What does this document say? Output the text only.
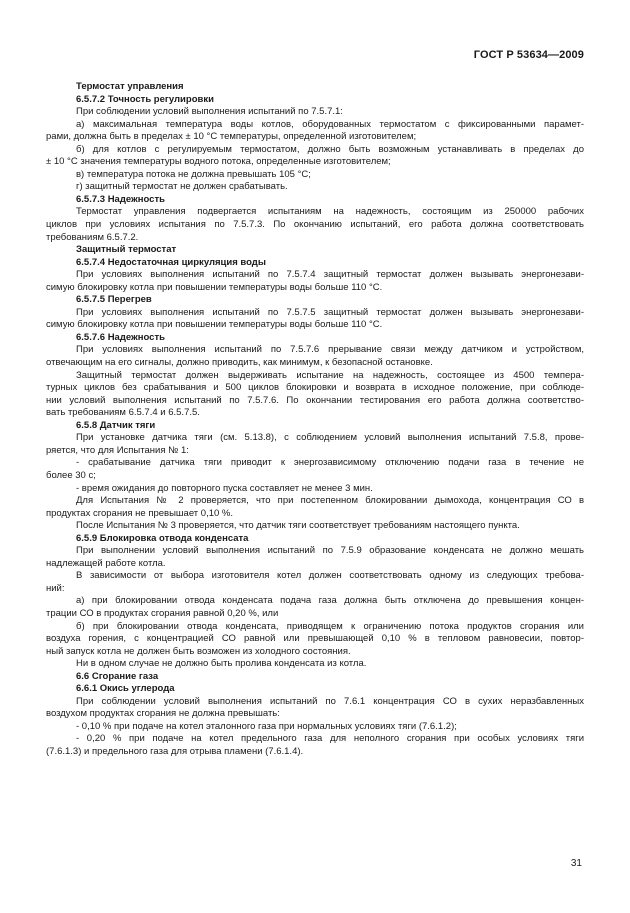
ГОСТ Р 53634—2009
Термостат управления
6.5.7.2 Точность регулировки
При соблюдении условий выполнения испытаний по 7.5.7.1:
а) максимальная температура воды котлов, оборудованных термостатом с фиксированными парамет-
рами, должна быть в пределах ± 10 °С температуры, определенной изготовителем;
б) для котлов с регулируемым термостатом, должно быть возможным устанавливать в пределах до
± 10 °С значения температуры водного потока, определенные изготовителем;
в) температура потока не должна превышать 105 °С;
г) защитный термостат не должен срабатывать.
6.5.7.3 Надежность
Термостат управления подвергается испытаниям на надежность, состоящим из 250000 рабочих
циклов при условиях испытания по 7.5.7.3. По окончанию испытаний, его работа должна соответствовать
требованиям 6.5.7.2.
Защитный термостат
6.5.7.4 Недостаточная циркуляция воды
При условиях выполнения испытаний по 7.5.7.4 защитный термостат должен вызывать энергонезави-
симую блокировку котла при повышении температуры воды больше 110 °С.
6.5.7.5 Перегрев
При условиях выполнения испытаний по 7.5.7.5 защитный термостат должен вызывать энергонезави-
симую блокировку котла при повышении температуры воды больше 110 °С.
6.5.7.6 Надежность
При условиях выполнения испытаний по 7.5.7.6 прерывание связи между датчиком и устройством,
отвечающим на его сигналы, должно приводить, как минимум, к безопасной остановке.
Защитный термостат должен выдерживать испытание на надежность, состоящее из 4500 темпера-
турных циклов без срабатывания и 500 циклов блокировки и возврата в исходное положение, при соблюде-
нии условий выполнения испытаний по 7.5.7.6. По окончании тестирования его работа должна соответство-
вать требованиям 6.5.7.4 и 6.5.7.5.
6.5.8 Датчик тяги
При установке датчика тяги (см. 5.13.8), с соблюдением условий выполнения испытаний 7.5.8, прове-
ряется, что для Испытания № 1:
- срабатывание датчика тяги приводит к энергозависимому отключению подачи газа в течение не
более 30 с;
- время ожидания до повторного пуска составляет не менее 3 мин.
Для Испытания № 2 проверяется, что при постепенном блокировании дымохода, концентрация СО в
продуктах сгорания не превышает 0,10 %.
После Испытания № 3 проверяется, что датчик тяги соответствует требованиям настоящего пункта.
6.5.9 Блокировка отвода конденсата
При выполнении условий выполнения испытаний по 7.5.9 образование конденсата не должно мешать
надлежащей работе котла.
В зависимости от выбора изготовителя котел должен соответствовать одному из следующих требова-
ний:
а) при блокировании отвода конденсата подача газа должна быть отключена до превышения концен-
трации СО в продуктах сгорания равной 0,20 %, или
б) при блокировании отвода конденсата, приводящем к ограничению потока продуктов сгорания или
воздуха горения, с концентрацией СО равной или превышающей 0,10 % в тепловом равновесии, повтор-
ный запуск котла не должен быть возможен из холодного состояния.
Ни в одном случае не должно быть пролива конденсата из котла.
6.6 Сгорание газа
6.6.1 Окись углерода
При соблюдении условий выполнения испытаний по 7.6.1 концентрация СО в сухих неразбавленных
воздухом продуктах сгорания не должна превышать:
- 0,10 % при подаче на котел эталонного газа при нормальных условиях тяги (7.6.1.2);
- 0,20 % при подаче на котел предельного газа для неполного сгорания при особых условиях тяги
(7.6.1.3) и предельного газа для отрыва пламени (7.6.1.4).
31
